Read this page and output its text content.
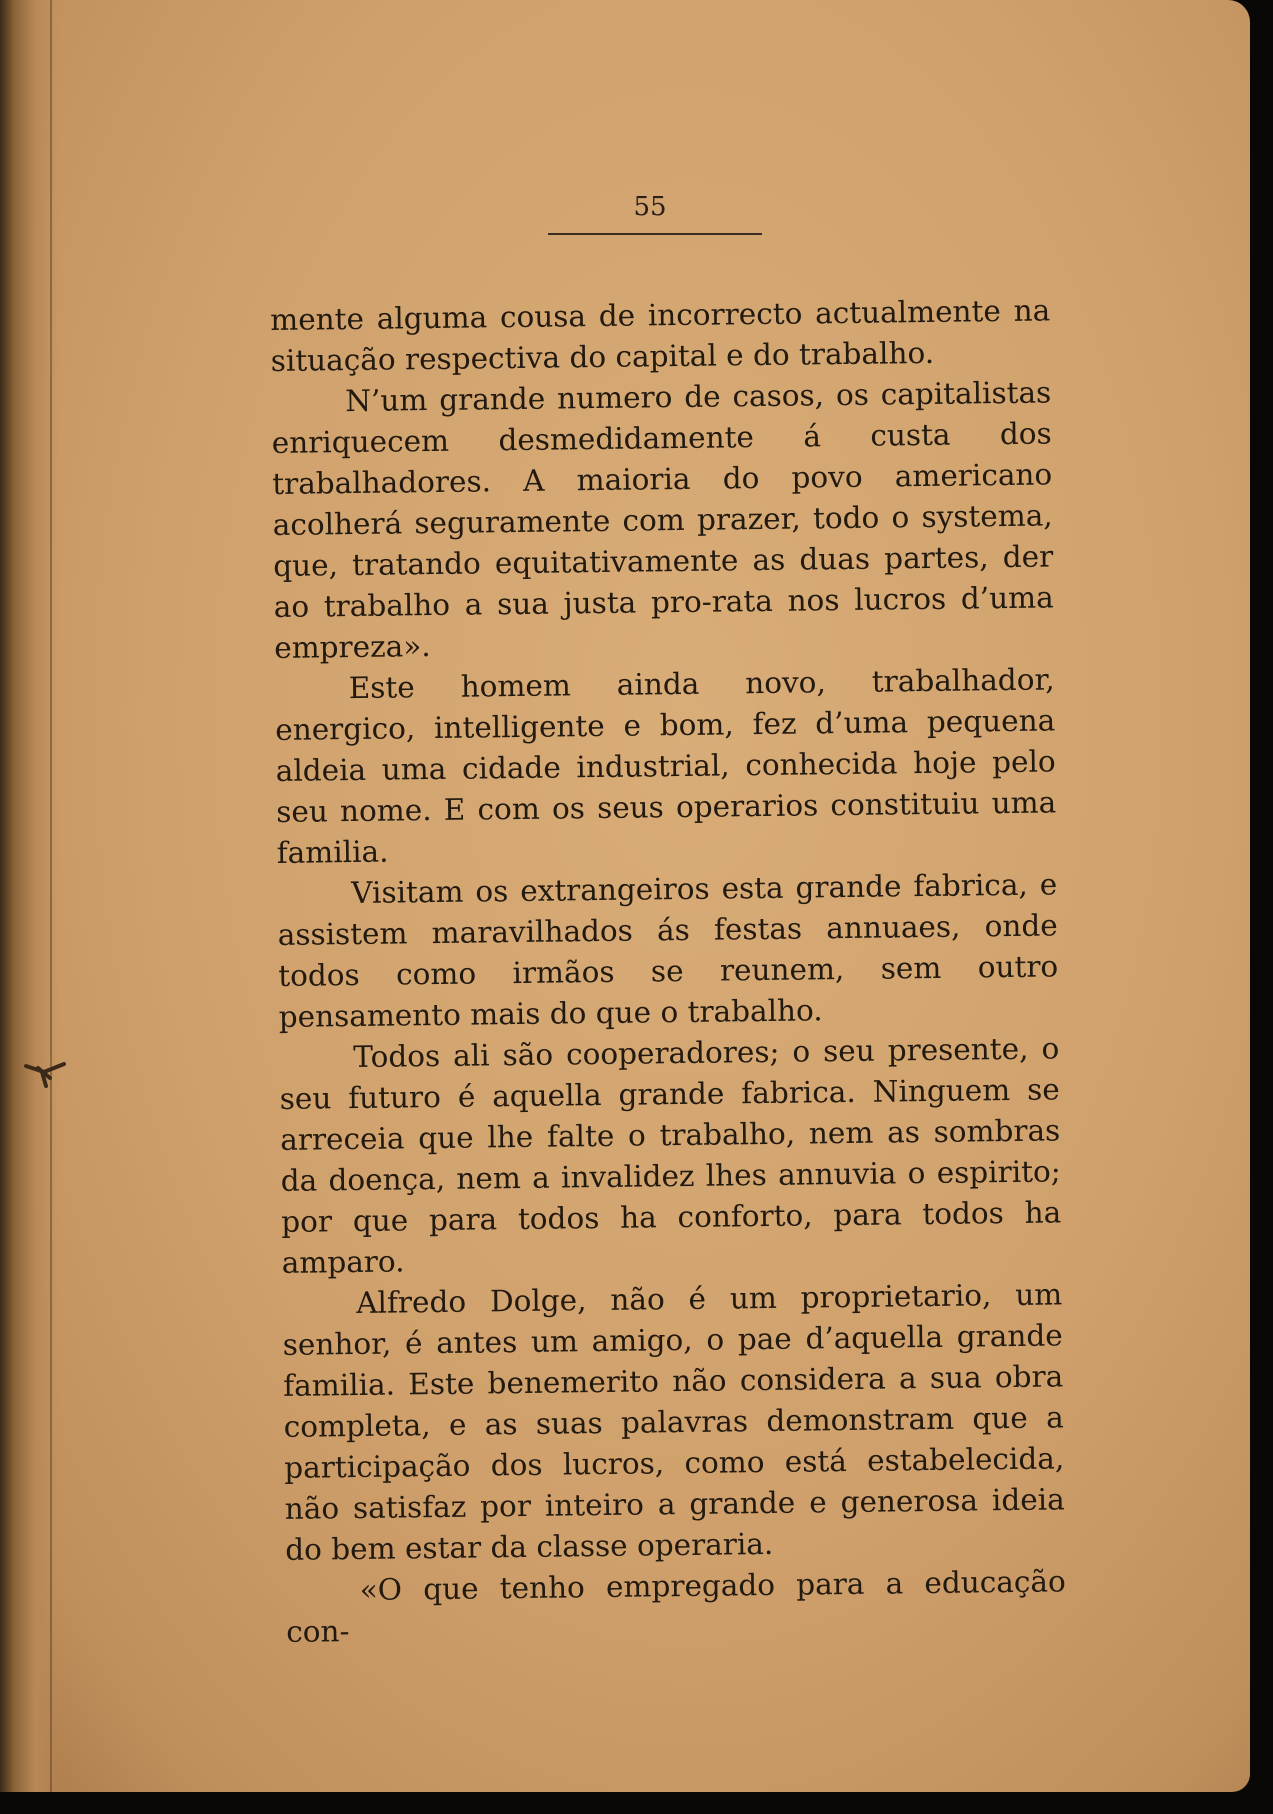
55

mente alguma cousa de incorrecto actualmente na situação respectiva do capital e do trabalho.

N’um grande numero de casos, os capitalistas enriquecem desmedidamente á custa dos trabalhadores. A maioria do povo americano acolherá seguramente com prazer, todo o systema, que, tratando equitativamente as duas partes, der ao trabalho a sua justa pro-rata nos lucros d’uma empreza».

Este homem ainda novo, trabalhador, energico, intelligente e bom, fez d’uma pequena aldeia uma cidade industrial, conhecida hoje pelo seu nome. E com os seus operarios constituiu uma familia.

Visitam os extrangeiros esta grande fabrica, e assistem maravilhados ás festas annuaes, onde todos como irmãos se reunem, sem outro pensamento mais do que o trabalho.

Todos ali são cooperadores; o seu presente, o seu futuro é aquella grande fabrica. Ninguem se arreceia que lhe falte o trabalho, nem as sombras da doença, nem a invalidez lhes annuvia o espirito; por que para todos ha conforto, para todos ha amparo.

Alfredo Dolge, não é um proprietario, um senhor, é antes um amigo, o pae d’aquella grande familia. Este benemerito não considera a sua obra completa, e as suas palavras demonstram que a participação dos lucros, como está estabelecida, não satisfaz por inteiro a grande e generosa ideia do bem estar da classe operaria.

«O que tenho empregado para a educação con-
